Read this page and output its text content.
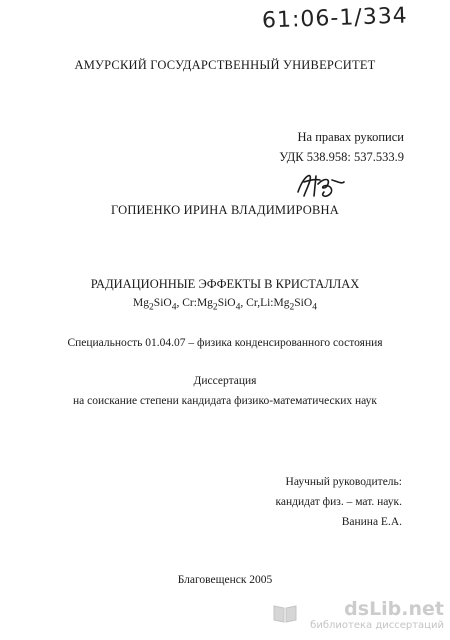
61:06-1/334
АМУРСКИЙ ГОСУДАРСТВЕННЫЙ УНИВЕРСИТЕТ
На правах рукописи
УДК 538.958: 537.533.9
ГОПИЕНКО ИРИНА ВЛАДИМИРОВНА
РАДИАЦИОННЫЕ ЭФФЕКТЫ В КРИСТАЛЛАХ
$Mg_2SiO_4$, $Cr:Mg_2SiO_4$, $Cr,Li:Mg_2SiO_4$
Специальность 01.04.07 – физика конденсированного состояния
Диссертация
на соискание степени кандидата физико-математических наук
Научный руководитель:
кандидат физ. – мат. наук.
Ванина Е.А.
Благовещенск 2005
dsLib.net
библиотека диссертаций
